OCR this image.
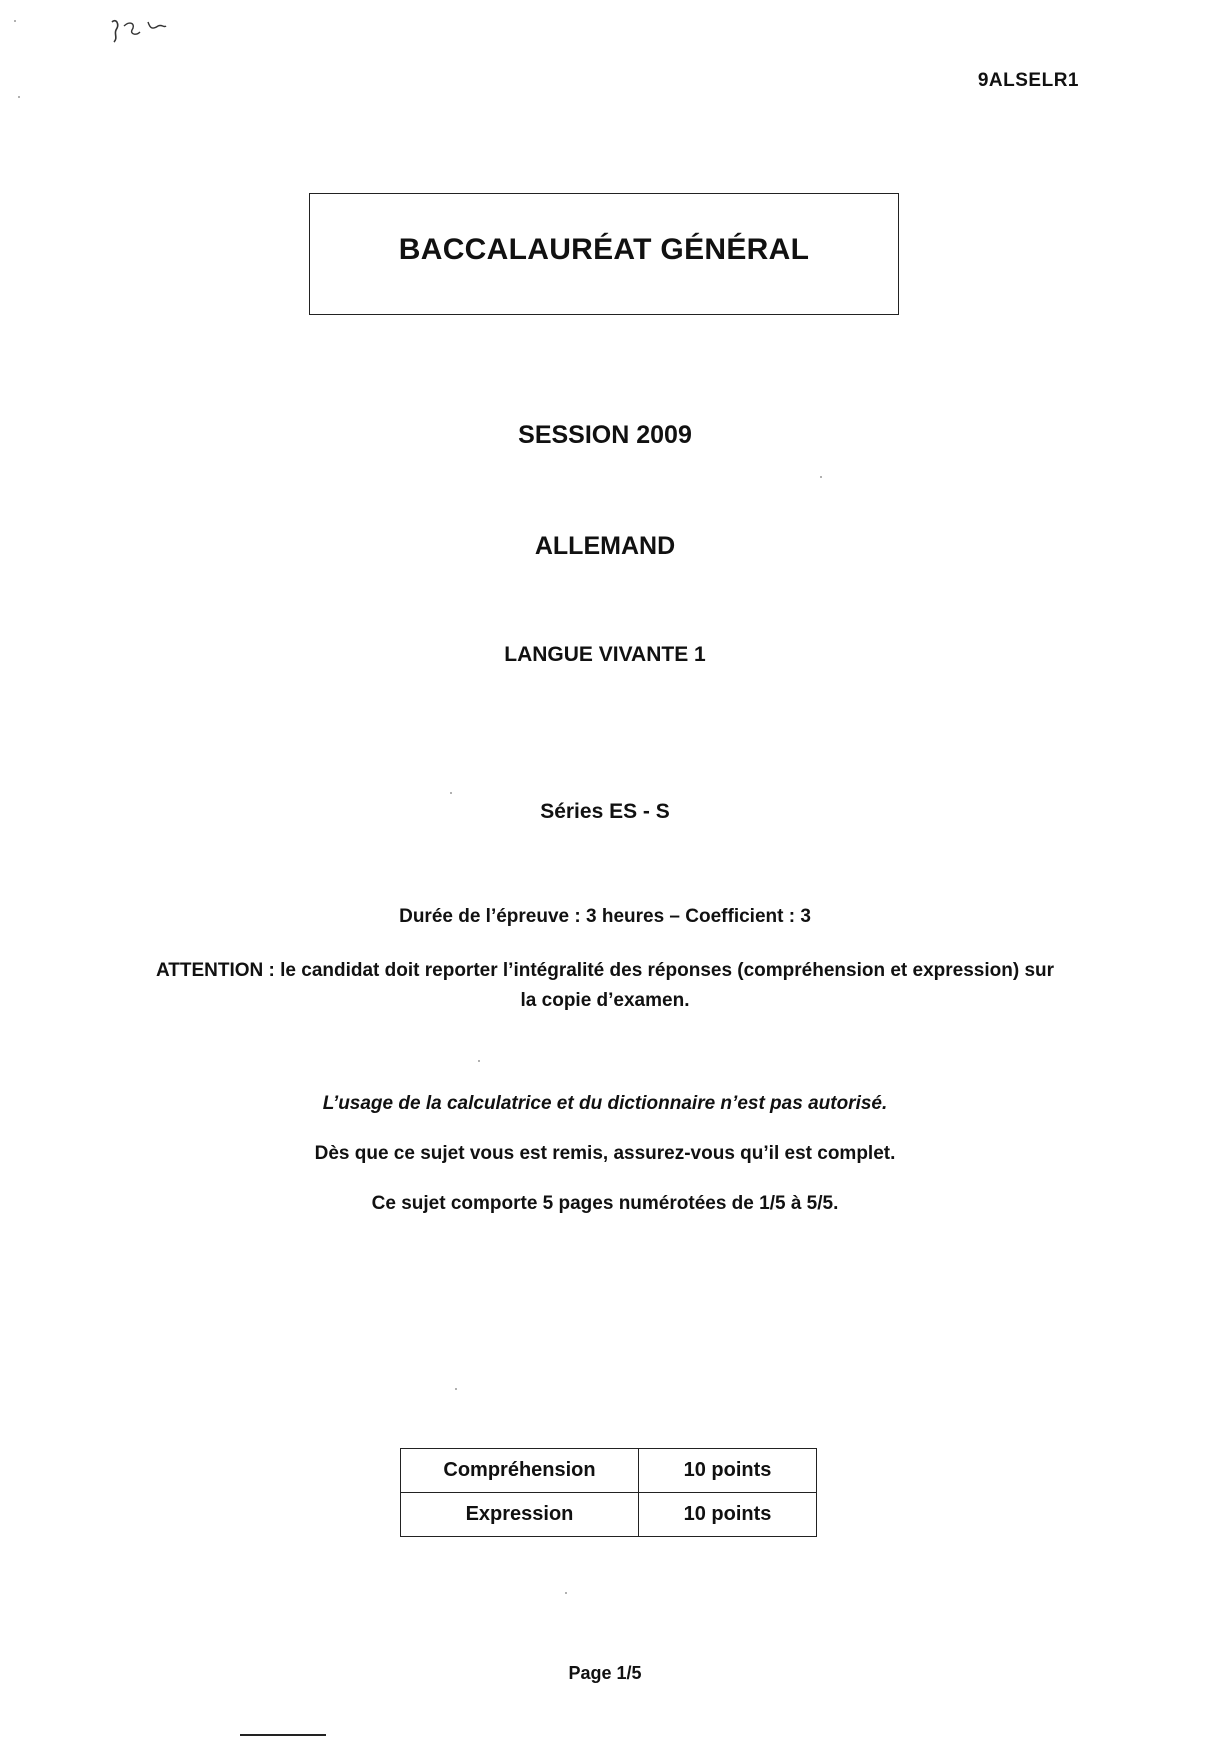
9ALSELR1
BACCALAURÉAT GÉNÉRAL
SESSION 2009
ALLEMAND
LANGUE VIVANTE 1
Séries ES - S
Durée de l’épreuve : 3 heures – Coefficient : 3
ATTENTION : le candidat doit reporter l’intégralité des réponses (compréhension et expression) sur la copie d’examen.
L’usage de la calculatrice et du dictionnaire n’est pas autorisé.
Dès que ce sujet vous est remis, assurez-vous qu’il est complet.
Ce sujet comporte 5 pages numérotées de 1/5 à 5/5.
Compréhension	10 points
Expression	10 points
Page 1/5
